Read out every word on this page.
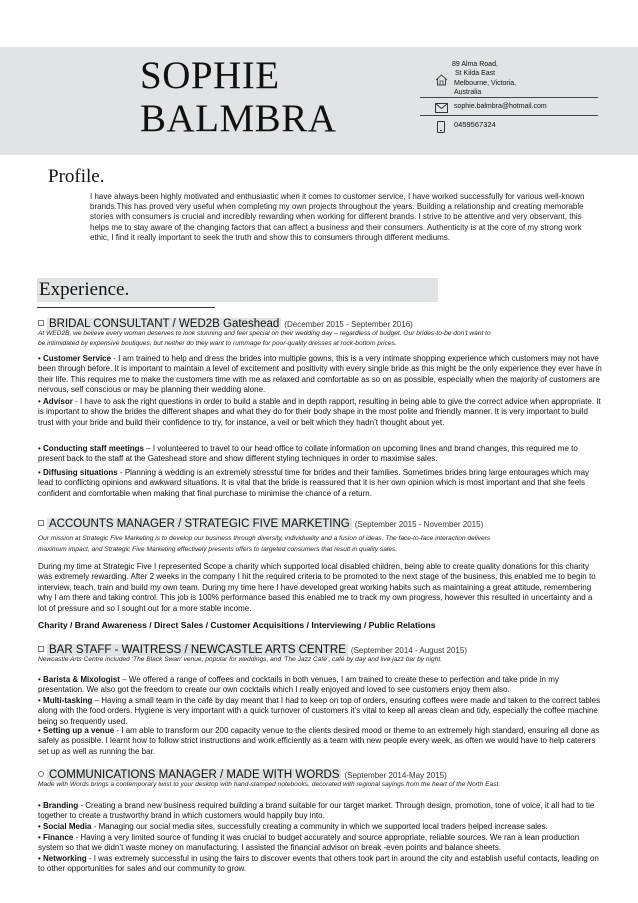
SOPHIE
BALMBRA
89 Alma Road,
St Kilda East
Melbourne, Victoria,
Australia
sophie.balmbra@hotmail.com
0459567324
Profile.
I have always been highly motivated and enthusiastic when it comes to customer service, I have worked successfully for various well-known brands.This has proved very useful when completing my own projects throughout the years. Building a relationship and creating memorable stories with consumers is crucial and incredibly rewarding when working for different brands. I strive to be attentive and very observant, this helps me to stay aware of the changing factors that can affect a business and their consumers. Authenticity is at the core of my strong work ethic, I find it really important to seek the truth and show this to consumers through different mediums.
Experience.
BRIDAL CONSULTANT / WED2B Gateshead (December 2015 - September 2016)
At WED2B, we believe every woman deserves to look stunning and feel special on their wedding day – regardless of budget. Our brides-to-be don’t want to
be intimidated by expensive boutiques, but neither do they want to rummage for poor-quality dresses at rock-bottom prices.
• Customer Service - I am trained to help and dress the brides into multiple gowns, this is a very intimate shopping experience which customers may not have been through before. It is important to maintain a level of excitement and positivity with every single bride as this might be the only experience they ever have in their life. This requires me to make the customers time with me as relaxed and comfortable as so on as possible, especially when the majority of customers are nervous, self conscious or may be planning their wedding alone.
• Advisor - I have to ask the right questions in order to build a stable and in depth rapport, resulting in being able to give the correct advice when appropriate. It is important to show the brides the different shapes and what they do for their body shape in the most polite and friendly manner. It is very important to build trust with your bride and build their confidence to try, for instance, a veil or belt which they hadn’t thought about yet.
• Conducting staff meetings – I volunteered to travel to our head office to collate information on upcoming lines and brand changes, this required me to present back to the staff at the Gateshead store and show different styling techniques in order to maximise sales.
• Diffusing situations - Planning a wedding is an extremely stressful time for brides and their families. Sometimes brides bring large entourages which may lead to conflicting opinions and awkward situations. It is vital that the bride is reassured that it is her own opinion which is most important and that she feels confident and comfortable when making that final purchase to minimise the chance of a return.
ACCOUNTS MANAGER / STRATEGIC FIVE MARKETING (September 2015 - November 2015)
Our mission at Strategic Five Marketing is to develop our business through diversity, individuality and a fusion of ideas. The face-to-face interaction delivers
maximum impact, and Strategic Five Marketing effectively presents offers to targeted consumers that result in quality sales.
During my time at Strategic Five I represented Scope a charity which supported local disabled children, being able to create quality donations for this charity was extremely rewarding. After 2 weeks in the company I hit the required criteria to be promoted to the next stage of the business, this enabled me to begin to interview, teach, train and build my own team. During my time here I have developed great working habits such as maintaining a great attitude, remembering why I am there and taking control. This job is 100% performance based this enabled me to track my own progress, however this resulted in uncertainty and a lot of pressure and so I sought out for a more stable income.
Charity / Brand Awareness / Direct Sales / Customer Acquisitions / Interviewing / Public Relations
BAR STAFF - WAITRESS / NEWCASTLE ARTS CENTRE (September 2014 - August 2015)
Newcastle Arts Centre included ‘The Black Swan’ venue, popular for weddings, and ‘The Jazz Café’, café by day and live jazz bar by night.
• Barista & Mixologist – We offered a range of coffees and cocktails in both venues, I am trained to create these to perfection and take pride in my presentation. We also got the freedom to create our own cocktails which I really enjoyed and loved to see customers enjoy them also.
• Multi-tasking – Having a small team in the café by day meant that I had to keep on top of orders, ensuring coffees were made and taken to the correct tables along with the food orders. Hygiene is very important with a quick turnover of customers it’s vital to keep all areas clean and tidy, especially the coffee machine being so frequently used.
• Setting up a venue - I am able to transform our 200 capacity venue to the clients desired mood or theme to an extremely high standard, ensuring all done as safely as possible. I learnt how to follow strict instructions and work efficiently as a team with new people every week, as often we would have to help caterers set up as well as running the bar.
COMMUNICATIONS MANAGER / MADE WITH WORDS (September 2014-May 2015)
Made with Words brings a contemporary twist to your desktop with hand-stamped notebooks, decorated with regional sayings from the heart of the North East.
• Branding - Creating a brand new business required building a brand suitable for our target market. Through design, promotion, tone of voice, it all had to tie together to create a trustworthy brand in which customers would happily buy into.
• Social Media - Managing our social media sites, successfully creating a community in which we supported local traders helped increase sales.
• Finance - Having a very limited source of funding it was crucial to budget accurately and source appropriate, reliable sources. We ran a lean production system so that we didn’t waste money on manufacturing. I assisted the financial advisor on break -even points and balance sheets.
• Networking - I was extremely successful in using the fairs to discover events that others took part in around the city and establish useful contacts, leading on to other opportunities for sales and our community to grow.
